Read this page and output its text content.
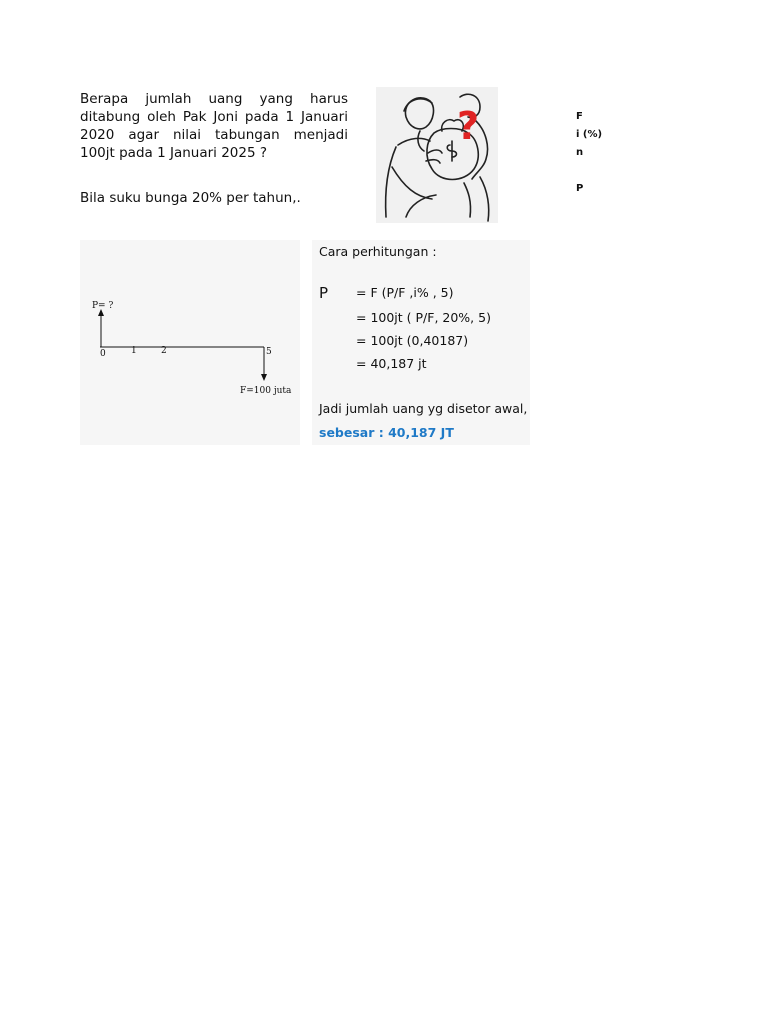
Berapa jumlah uang yang harus ditabung oleh Pak Joni pada 1 Januari 2020 agar nilai tabungan menjadi 100jt pada 1 Januari 2025 ?
Bila suku bunga 20% per tahun,.
?	F
i (%)
n
P
P= ?
0	1	2	5
F=100 juta
Cara perhitungan :
P = F (P/F ,i% , 5)
= 100jt ( P/F, 20%, 5)
= 100jt (0,40187)
= 40,187 jt
Jadi jumlah uang yg disetor awal,
sebesar : 40,187 JT
